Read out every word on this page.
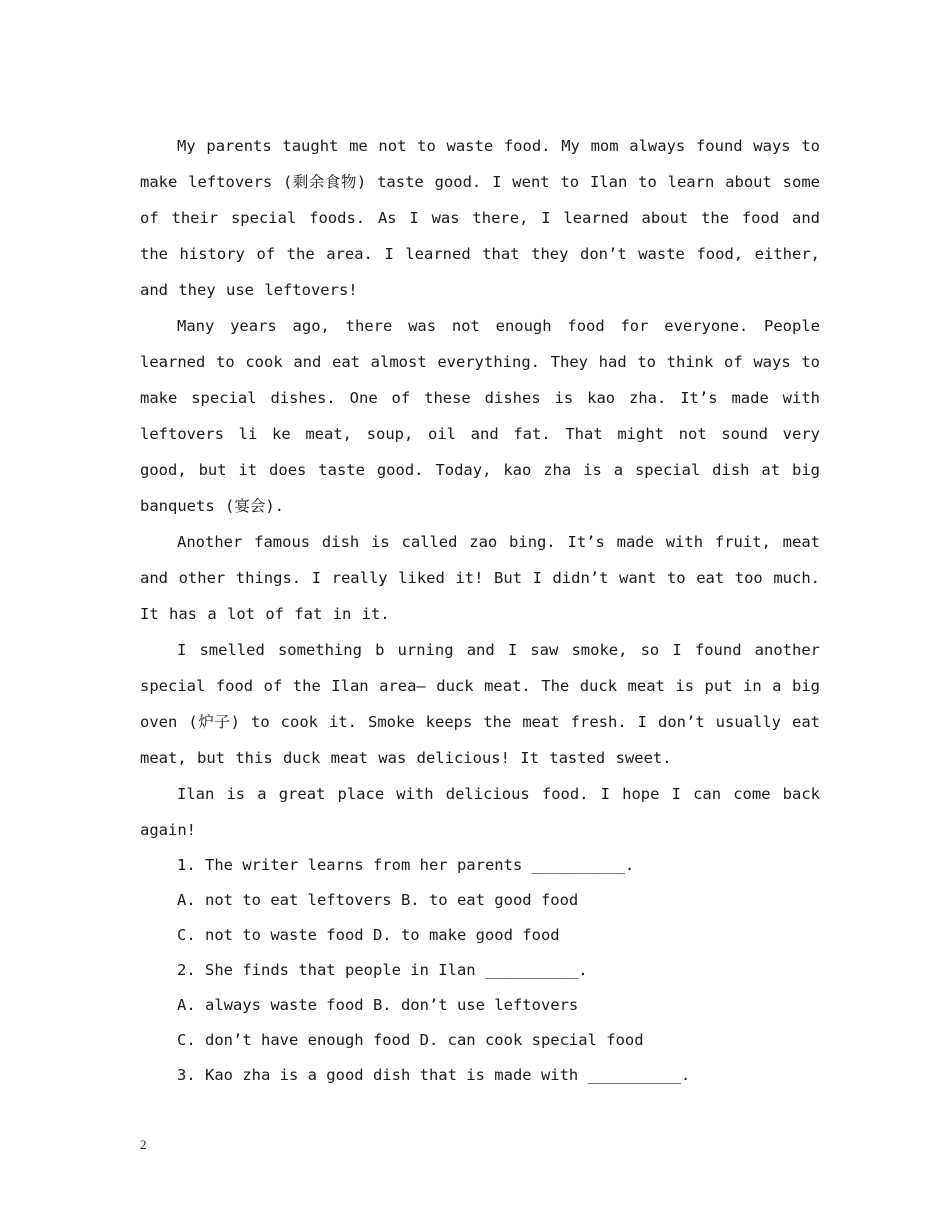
My parents taught me not to waste food. My mom always found ways to make leftovers (剩余食物) taste good. I went to Ilan to learn about some of their special foods. As I was there, I learned about the food and the history of the area. I learned that they don’t waste food, either, and they use leftovers!

Many years ago, there was not enough food for everyone. People learned to cook and eat almost everything. They had to think of ways to make special dishes. One of these dishes is kao zha. It’s made with leftovers li ke meat, soup, oil and fat. That might not sound very good, but it does taste good. Today, kao zha is a special dish at big banquets (宴会).

Another famous dish is called zao bing. It’s made with fruit, meat and other things. I really liked it! But I didn’t want to eat too much. It has a lot of fat in it.

I smelled something b urning and I saw smoke, so I found another special food of the Ilan area— duck meat. The duck meat is put in a big oven (炉子) to cook it. Smoke keeps the meat fresh. I don’t usually eat meat, but this duck meat was delicious! It tasted sweet.

Ilan is a great place with delicious food. I hope I can come back again!

1. The writer learns from her parents __________.

A. not to eat leftovers B. to eat good food

C. not to waste food D. to make good food

2. She finds that people in Ilan __________.

A. always waste food B. don’t use leftovers

C. don’t have enough food D. can cook special food

3. Kao zha is a good dish that is made with __________.

2
